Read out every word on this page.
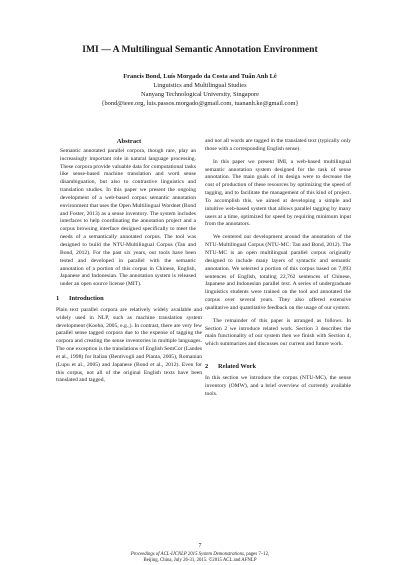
IMI — A Multilingual Semantic Annotation Environment
Francis Bond, Luís Morgado da Costa and Tuấn Anh Lê
Linguistics and Multilingual Studies
Nanyang Technological University, Singapore
{bond@ieee.org, luis.passos.morgado@gmail.com, tuananh.ke@gmail.com}
Abstract

Semantic annotated parallel corpora, though rare, play an increasingly important role in natural language processing. These corpora provide valuable data for computational tasks like sense-based machine translation and word sense disambiguation, but also to contrastive linguistics and translation studies. In this paper we present the ongoing development of a web-based corpus semantic annotation environment that uses the Open Multilingual Wordnet (Bond and Foster, 2013) as a sense inventory. The system includes interfaces to help coordinating the annotation project and a corpus browsing interface designed specifically to meet the needs of a semantically annotated corpus. The tool was designed to build the NTU-Multilingual Corpus (Tan and Bond, 2012). For the past six years, our tools have been tested and developed in parallel with the semantic annotation of a portion of this corpus in Chinese, English, Japanese and Indonesian. The annotation system is released under an open source license (MIT).

1 Introduction

Plain text parallel corpora are relatively widely available and widely used in NLP, such as machine translation system development (Koehn, 2005, e.g.,). In contrast, there are very few parallel sense tagged corpora due to the expense of tagging the corpora and creating the sense inventories in multiple languages. The one exception is the translations of English SemCor (Landes et al., 1998) for Italian (Bentivogli and Pianta, 2005), Romanian (Lupu et al., 2005) and Japanese (Bond et al., 2012). Even for this corpus, not all of the original English texts have been translated and tagged,

and not all words are tagged in the translated text (typically only those with a corresponding English sense).

In this paper we present IMI, a web-based multilingual semantic annotation system designed for the task of sense annotation. The main goals of its design were to decrease the cost of production of these resources by optimizing the speed of tagging, and to facilitate the management of this kind of project. To accomplish this, we aimed at developing a simple and intuitive web-based system that allows parallel tagging by many users at a time, optimized for speed by requiring minimum input from the annotators.

We centered our development around the annotation of the NTU-Multilingual Corpus (NTU-MC: Tan and Bond, 2012). The NTU-MC is an open multilingual parallel corpus originally designed to include many layers of syntactic and semantic annotation. We selected a portion of this corpus based on 7,093 sentences of English, totaling 22,762 sentences of Chinese, Japanese and Indonesian parallel text. A series of undergraduate linguistics students were trained on the tool and annotated the corpus over several years. They also offered extensive qualitative and quantitative feedback on the usage of our system.

The remainder of this paper is arranged as follows. In Section 2 we introduce related work. Section 3 describes the main functionality of our system then we finish with Section 4, which summarizes and discusses our current and future work.

2 Related Work

In this section we introduce the corpus (NTU-MC), the sense inventory (OMW), and a brief overview of currently available tools.

7
Proceedings of ACL-IJCNLP 2015 System Demonstrations, pages 7–12,
Beijing, China, July 26-31, 2015. ©2015 ACL and AFNLP
